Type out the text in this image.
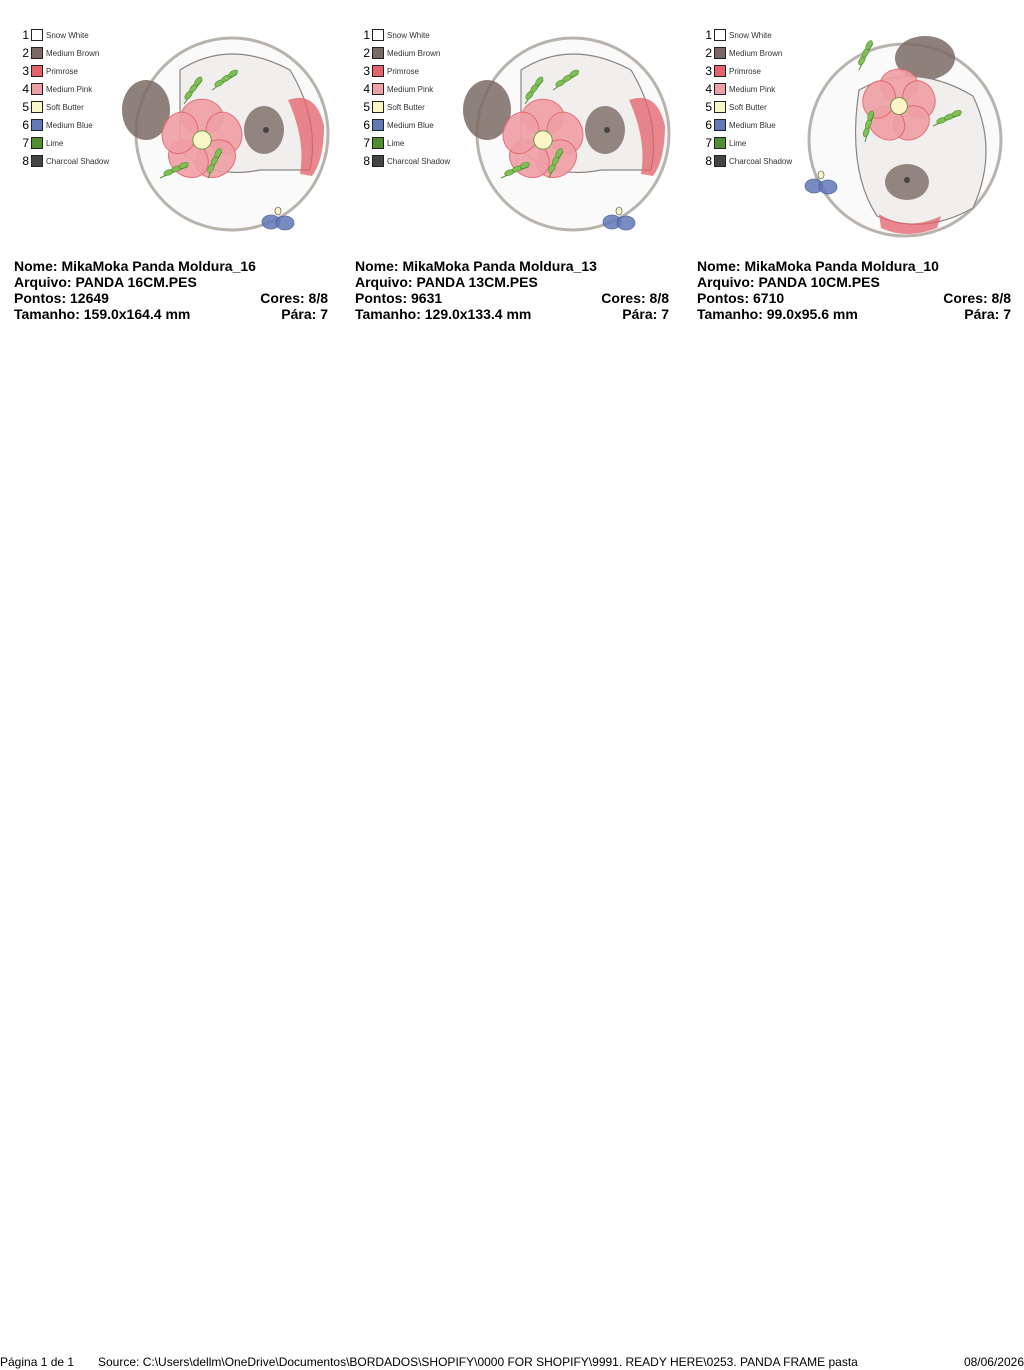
1 Snow White
2 Medium Brown
3 Primrose
4 Medium Pink
5 Soft Butter
6 Medium Blue
7 Lime
8 Charcoal Shadow
Nome: MikaMoka Panda Moldura_16
Arquivo: PANDA 16CM.PES
Pontos: 12649	Cores: 8/8
Tamanho: 159.0x164.4 mm	Pára: 7
1 Snow White
2 Medium Brown
3 Primrose
4 Medium Pink
5 Soft Butter
6 Medium Blue
7 Lime
8 Charcoal Shadow
Nome: MikaMoka Panda Moldura_13
Arquivo: PANDA 13CM.PES
Pontos: 9631	Cores: 8/8
Tamanho: 129.0x133.4 mm	Pára: 7
1 Snow White
2 Medium Brown
3 Primrose
4 Medium Pink
5 Soft Butter
6 Medium Blue
7 Lime
8 Charcoal Shadow
Nome: MikaMoka Panda Moldura_10
Arquivo: PANDA 10CM.PES
Pontos: 6710	Cores: 8/8
Tamanho: 99.0x95.6 mm	Pára: 7
Página 1 de 1 Source: C:\Users\dellm\OneDrive\Documentos\BORDADOS\SHOPIFY\0000 FOR SHOPIFY\9991. READY HERE\0253. PANDA FRAME pasta	08/06/2026
